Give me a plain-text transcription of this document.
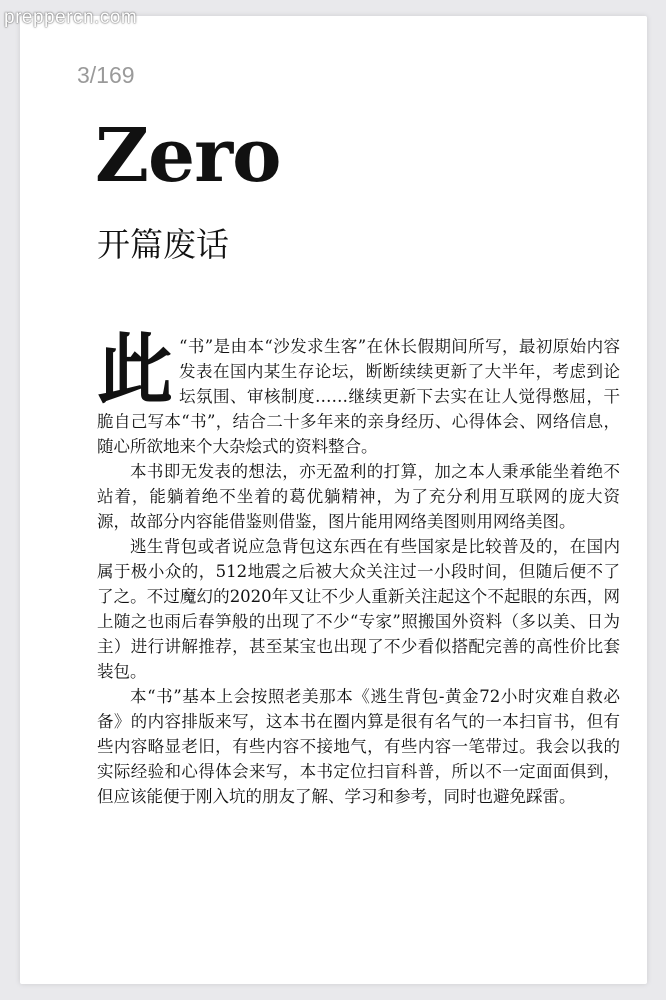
prepperсn.com
3/169
Zero
开篇废话

此 “书”是由本“沙发求生客”在休长假期间所写，最初原始内容发表在国内某生存论坛，断断续续更新了大半年，考虑到论坛氛围、审核制度……继续更新下去实在让人觉得憋屈，干脆自己写本“书”，结合二十多年来的亲身经历、心得体会、网络信息，随心所欲地来个大杂烩式的资料整合。

本书即无发表的想法，亦无盈利的打算，加之本人秉承能坐着绝不站着，能躺着绝不坐着的葛优躺精神，为了充分利用互联网的庞大资源，故部分内容能借鉴则借鉴，图片能用网络美图则用网络美图。

逃生背包或者说应急背包这东西在有些国家是比较普及的，在国内属于极小众的，512地震之后被大众关注过一小段时间，但随后便不了了之。不过魔幻的2020年又让不少人重新关注起这个不起眼的东西，网上随之也雨后春笋般的出现了不少“专家”照搬国外资料（多以美、日为主）进行讲解推荐，甚至某宝也出现了不少看似搭配完善的高性价比套装包。

本“书”基本上会按照老美那本《逃生背包-黄金72小时灾难自救必备》的内容排版来写，这本书在圈内算是很有名气的一本扫盲书，但有些内容略显老旧，有些内容不接地气，有些内容一笔带过。我会以我的实际经验和心得体会来写，本书定位扫盲科普，所以不一定面面俱到，但应该能便于刚入坑的朋友了解、学习和参考，同时也避免踩雷。
